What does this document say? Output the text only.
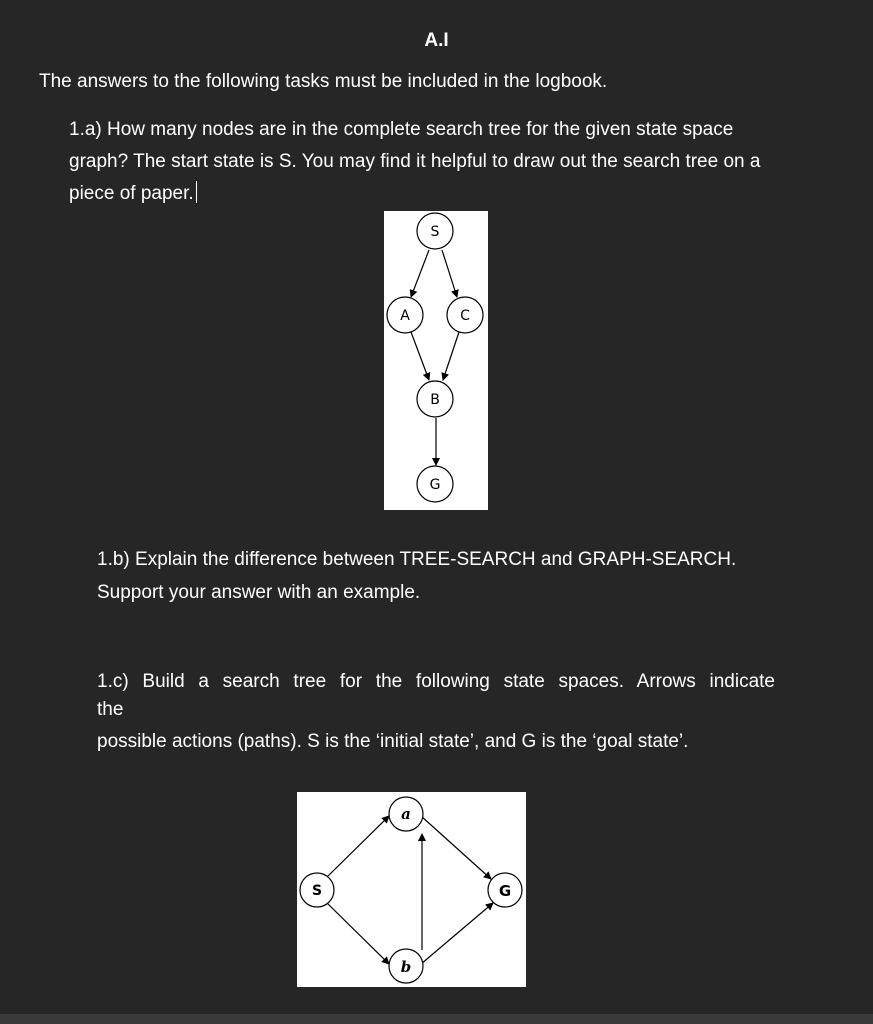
A.I
The answers to the following tasks must be included in the logbook.
1.a) How many nodes are in the complete search tree for the given state space graph? The start state is S. You may find it helpful to draw out the search tree on a piece of paper.
S
A	C
B
G

1.b) Explain the difference between TREE-SEARCH and GRAPH-SEARCH.

Support your answer with an example.

1.c) Build a search tree for the following state spaces. Arrows indicate

the

possible actions (paths). S is the ‘initial state’, and G is the ‘goal state’.

S
a
b
G
